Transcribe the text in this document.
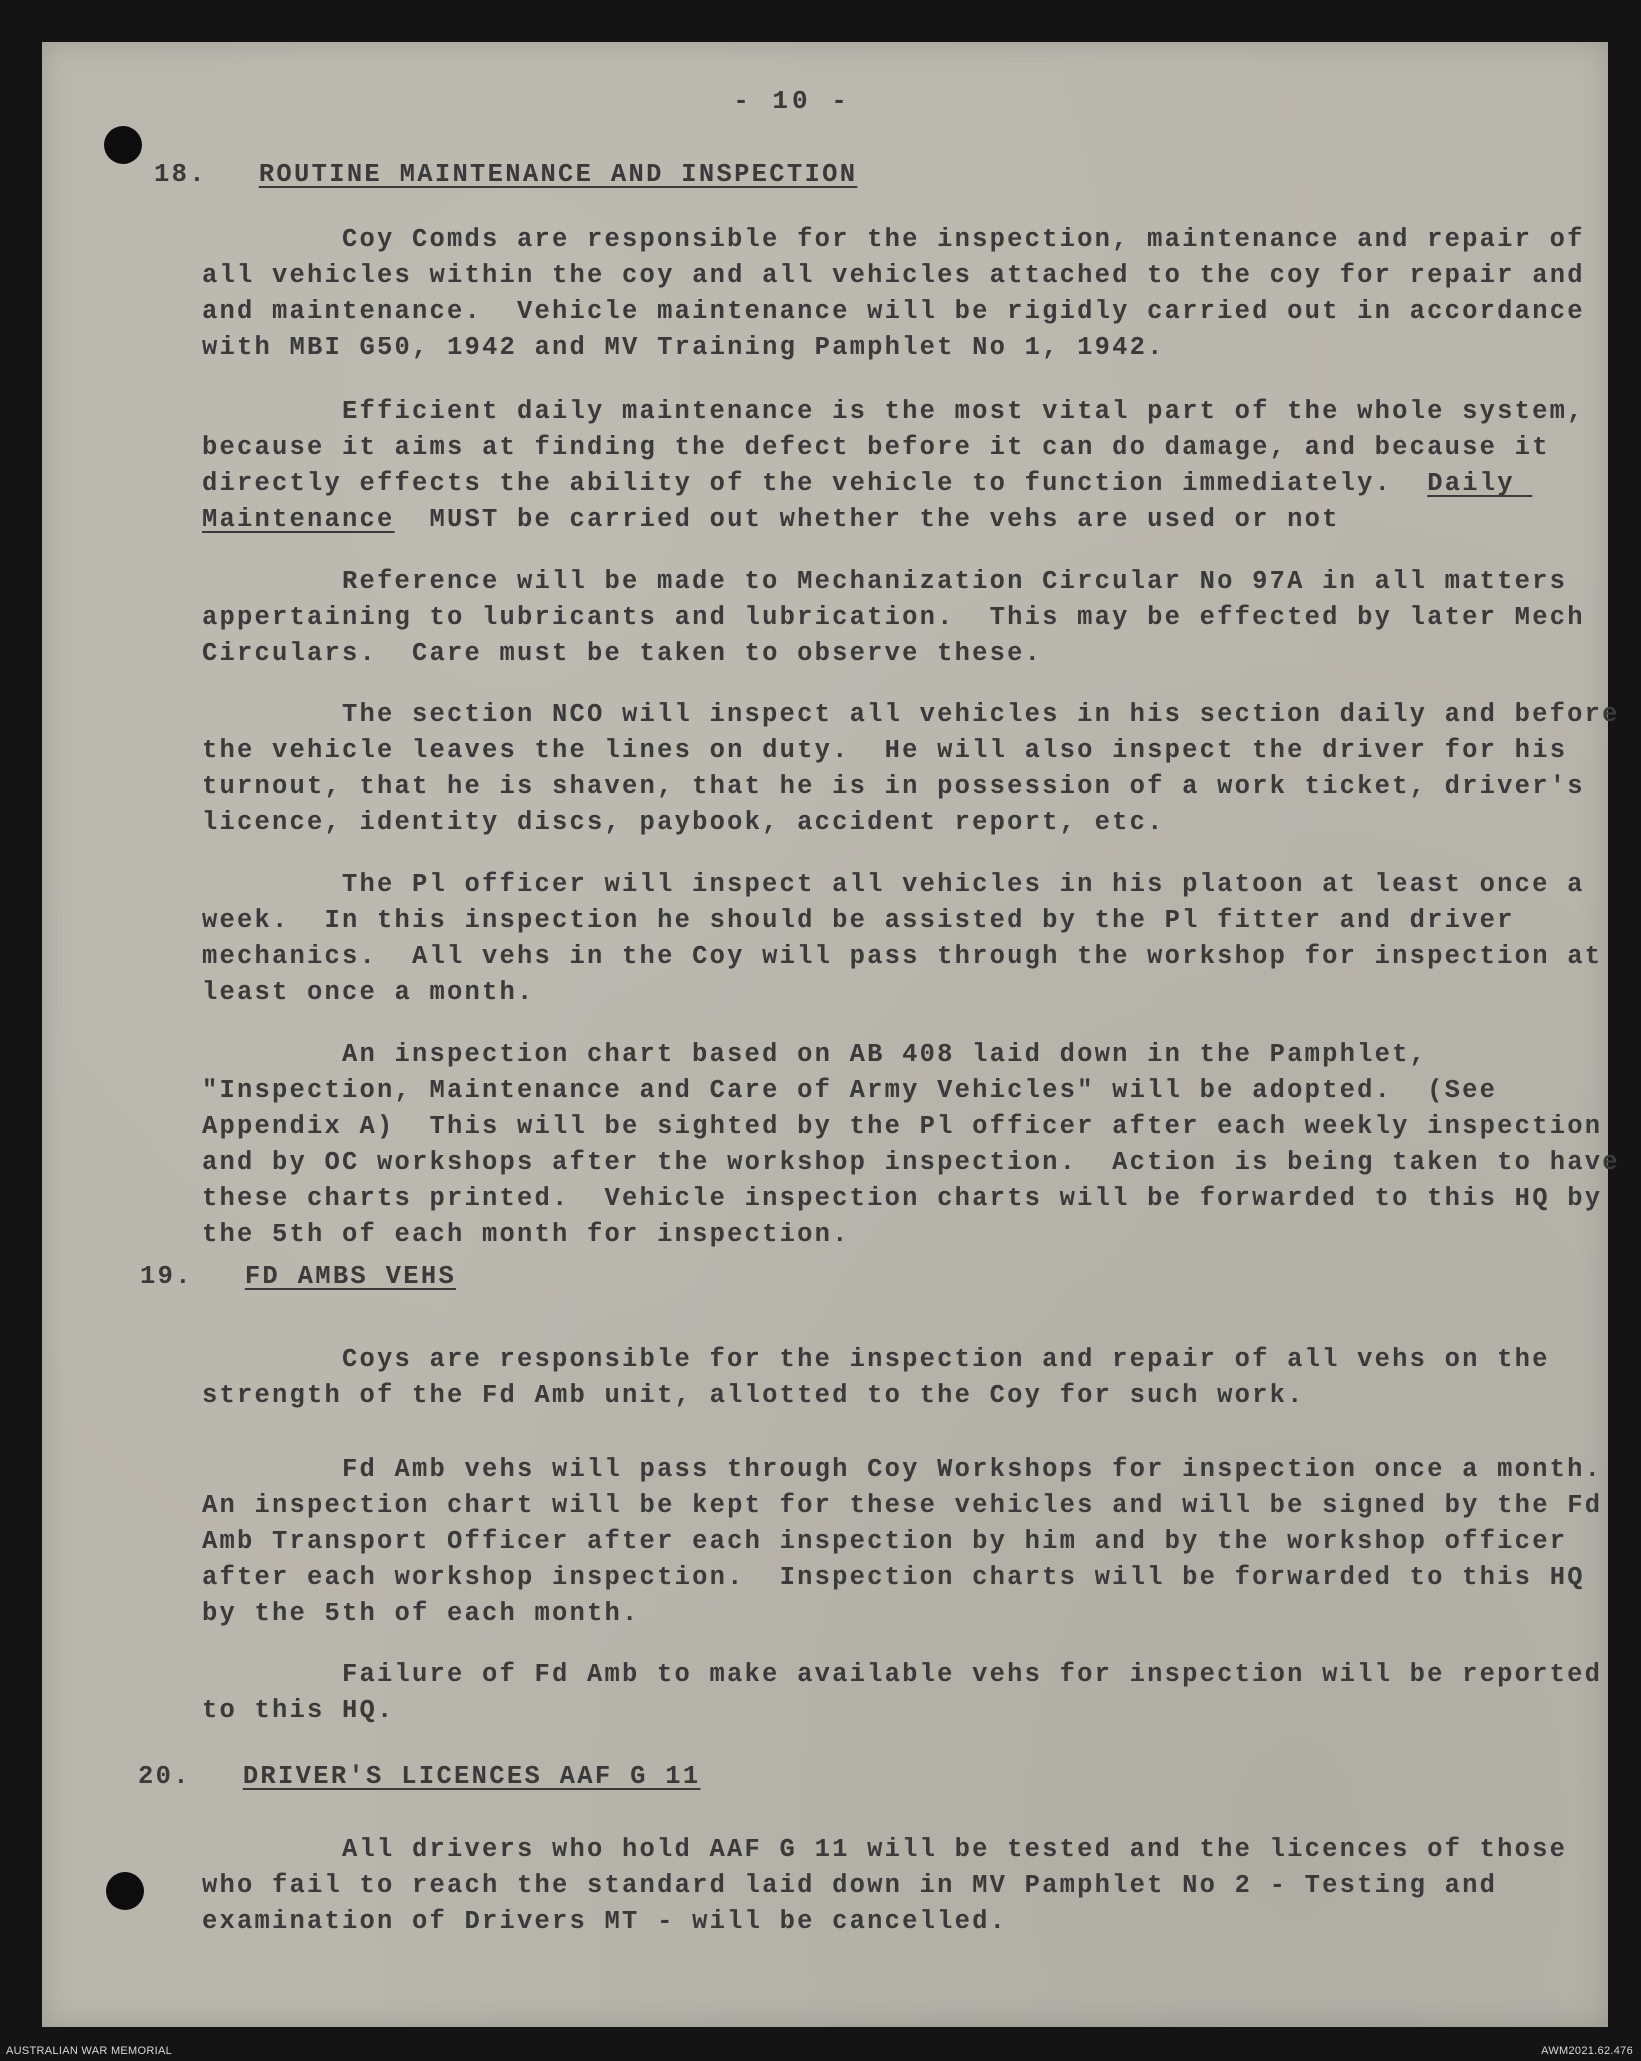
- 10 -
18. ROUTINE MAINTENANCE AND INSPECTION

Coy Comds are responsible for the inspection, maintenance and repair of all vehicles within the coy and all vehicles attached to the coy for repair and and maintenance.  Vehicle maintenance will be rigidly carried out in accordance with MBI G50, 1942 and MV Training Pamphlet No 1, 1942.

Efficient daily maintenance is the most vital part of the whole system, because it aims at finding the defect before it can do damage, and because it directly effects the ability of the vehicle to function immediately.  Daily Maintenance  MUST be carried out whether the vehs are used or not

Reference will be made to Mechanization Circular No 97A in all matters appertaining to lubricants and lubrication.  This may be effected by later Mech Circulars.  Care must be taken to observe these.

The section NCO will inspect all vehicles in his section daily and before the vehicle leaves the lines on duty.  He will also inspect the driver for his turnout, that he is shaven, that he is in possession of a work ticket, driver's licence, identity discs, paybook, accident report, etc.

The Pl officer will inspect all vehicles in his platoon at least once a week.  In this inspection he should be assisted by the Pl fitter and driver mechanics.  All vehs in the Coy will pass through the workshop for inspection at least once a month.

An inspection chart based on AB 408 laid down in the Pamphlet, "Inspection, Maintenance and Care of Army Vehicles" will be adopted.  (See Appendix A)  This will be sighted by the Pl officer after each weekly inspection and by OC workshops after the workshop inspection.  Action is being taken to have these charts printed.  Vehicle inspection charts will be forwarded to this HQ by the 5th of each month for inspection.

19. FD AMBS VEHS

Coys are responsible for the inspection and repair of all vehs on the strength of the Fd Amb unit, allotted to the Coy for such work.

Fd Amb vehs will pass through Coy Workshops for inspection once a month.  An inspection chart will be kept for these vehicles and will be signed by the Fd Amb Transport Officer after each inspection by him and by the workshop officer after each workshop inspection.  Inspection charts will be forwarded to this HQ by the 5th of each month.

Failure of Fd Amb to make available vehs for inspection will be reported to this HQ.

20. DRIVER'S LICENCES AAF G 11

All drivers who hold AAF G 11 will be tested and the licences of those who fail to reach the standard laid down in MV Pamphlet No 2 - Testing and examination of Drivers MT - will be cancelled.

AUSTRALIAN WAR MEMORIAL	AWM2021.62.476
